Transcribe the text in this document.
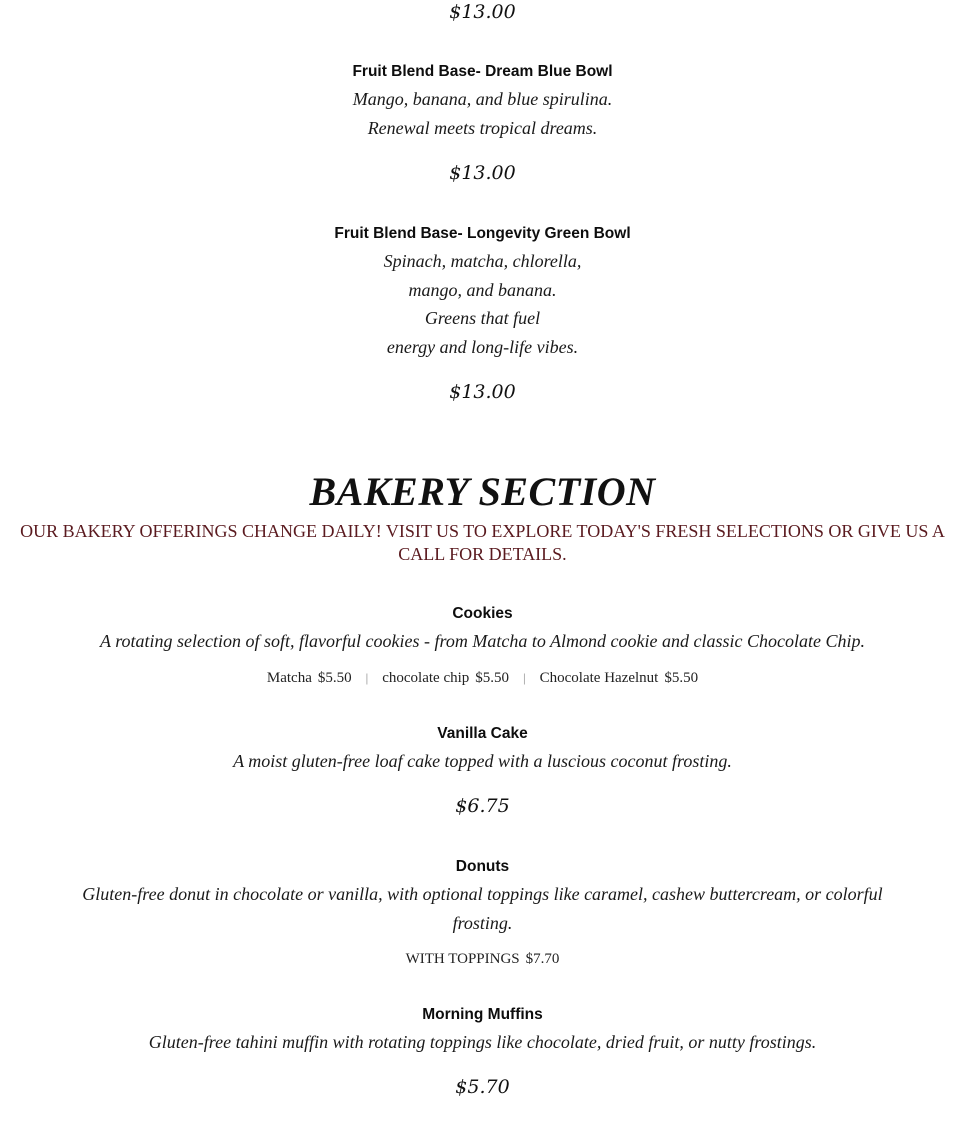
$13.00

Fruit Blend Base- Dream Blue Bowl

Mango, banana, and blue spirulina.
Renewal meets tropical dreams.

$13.00

Fruit Blend Base- Longevity Green Bowl

Spinach, matcha, chlorella,
mango, and banana.
Greens that fuel
energy and long-life vibes.

$13.00

BAKERY SECTION

OUR BAKERY OFFERINGS CHANGE DAILY! VISIT US TO EXPLORE TODAY'S FRESH SELECTIONS OR GIVE US A CALL FOR DETAILS.

Cookies

A rotating selection of soft, flavorful cookies - from Matcha to Almond cookie and classic Chocolate Chip.

Matcha $5.50 | chocolate chip $5.50 | Chocolate Hazelnut $5.50

Vanilla Cake

A moist gluten-free loaf cake topped with a luscious coconut frosting.

$6.75

Donuts

Gluten-free donut in chocolate or vanilla, with optional toppings like caramel, cashew buttercream, or colorful
frosting.

WITH TOPPINGS $7.70

Morning Muffins

Gluten-free tahini muffin with rotating toppings like chocolate, dried fruit, or nutty frostings.

$5.70
